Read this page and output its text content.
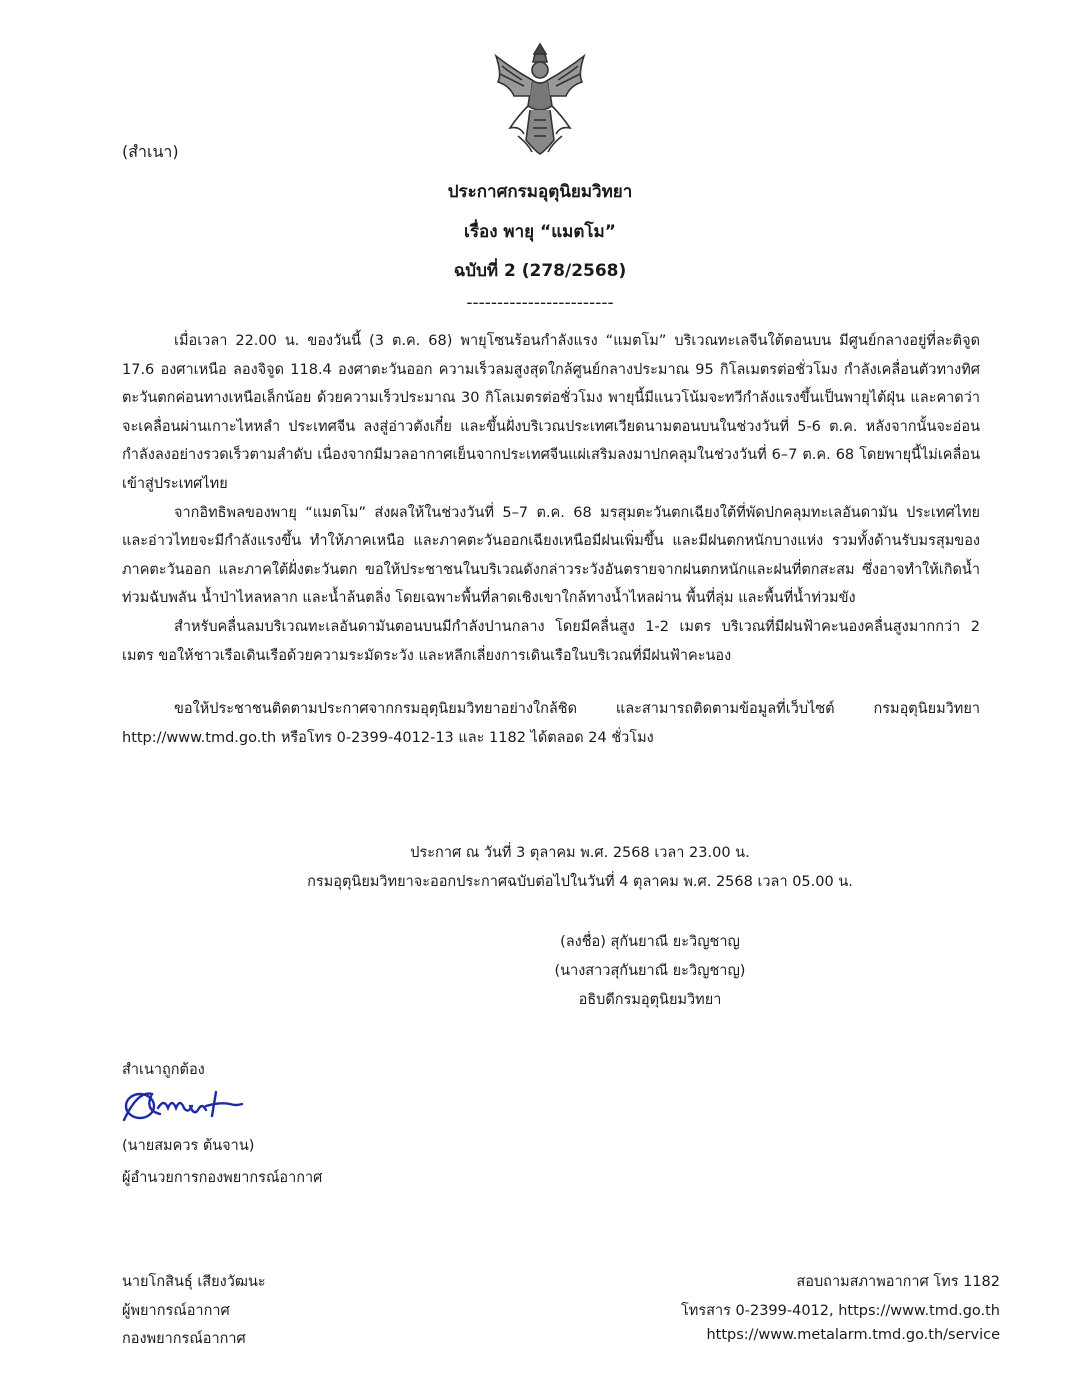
(สำเนา)
ประกาศกรมอุตุนิยมวิทยา
เรื่อง พายุ “แมตโม”
ฉบับที่ 2 (278/2568)
------------------------

เมื่อเวลา 22.00 น. ของวันนี้ (3 ต.ค. 68) พายุโซนร้อนกำลังแรง “แมตโม” บริเวณทะเลจีนใต้ตอนบน มีศูนย์กลางอยู่ที่ละติจูด 17.6 องศาเหนือ ลองจิจูด 118.4 องศาตะวันออก ความเร็วลมสูงสุดใกล้ศูนย์กลางประมาณ 95 กิโลเมตรต่อชั่วโมง กำลังเคลื่อนตัวทางทิศตะวันตกค่อนทางเหนือเล็กน้อย ด้วยความเร็วประมาณ 30 กิโลเมตรต่อชั่วโมง พายุนี้มีแนวโน้มจะทวีกำลังแรงขึ้นเป็นพายุไต้ฝุ่น และคาดว่าจะเคลื่อนผ่านเกาะไหหลำ ประเทศจีน ลงสู่อ่าวตังเกี๋ย และขึ้นฝั่งบริเวณประเทศเวียดนามตอนบนในช่วงวันที่ 5-6 ต.ค. หลังจากนั้นจะอ่อนกำลังลงอย่างรวดเร็วตามลำดับ เนื่องจากมีมวลอากาศเย็นจากประเทศจีนแผ่เสริมลงมาปกคลุมในช่วงวันที่ 6–7 ต.ค. 68 โดยพายุนี้ไม่เคลื่อนเข้าสู่ประเทศไทย

จากอิทธิพลของพายุ “แมตโม” ส่งผลให้ในช่วงวันที่ 5–7 ต.ค. 68 มรสุมตะวันตกเฉียงใต้ที่พัดปกคลุมทะเลอันดามัน ประเทศไทย และอ่าวไทยจะมีกำลังแรงขึ้น ทำให้ภาคเหนือ และภาคตะวันออกเฉียงเหนือมีฝนเพิ่มขึ้น และมีฝนตกหนักบางแห่ง รวมทั้งด้านรับมรสุมของภาคตะวันออก และภาคใต้ฝั่งตะวันตก ขอให้ประชาชนในบริเวณดังกล่าวระวังอันตรายจากฝนตกหนักและฝนที่ตกสะสม ซึ่งอาจทำให้เกิดน้ำท่วมฉับพลัน น้ำป่าไหลหลาก และน้ำล้นตลิ่ง โดยเฉพาะพื้นที่ลาดเชิงเขาใกล้ทางน้ำไหลผ่าน พื้นที่ลุ่ม และพื้นที่น้ำท่วมขัง

สำหรับคลื่นลมบริเวณทะเลอันดามันตอนบนมีกำลังปานกลาง โดยมีคลื่นสูง 1-2 เมตร บริเวณที่มีฝนฟ้าคะนองคลื่นสูงมากกว่า 2 เมตร ขอให้ชาวเรือเดินเรือด้วยความระมัดระวัง และหลีกเลี่ยงการเดินเรือในบริเวณที่มีฝนฟ้าคะนอง

ขอให้ประชาชนติดตามประกาศจากกรมอุตุนิยมวิทยาอย่างใกล้ชิด และสามารถติดตามข้อมูลที่เว็บไซต์ กรมอุตุนิยมวิทยา http://www.tmd.go.th หรือโทร 0-2399-4012-13 และ 1182 ได้ตลอด 24 ชั่วโมง

ประกาศ ณ วันที่ 3 ตุลาคม พ.ศ. 2568 เวลา 23.00 น.
กรมอุตุนิยมวิทยาจะออกประกาศฉบับต่อไปในวันที่ 4 ตุลาคม พ.ศ. 2568 เวลา 05.00 น.
(ลงชื่อ) สุกันยาณี ยะวิญชาญ
(นางสาวสุกันยาณี ยะวิญชาญ)
อธิบดีกรมอุตุนิยมวิทยา
สำเนาถูกต้อง
(นายสมควร ต้นจาน)
ผู้อำนวยการกองพยากรณ์อากาศ
นายโกสินธุ์ เสียงวัฒนะ
ผู้พยากรณ์อากาศ
กองพยากรณ์อากาศ
สอบถามสภาพอากาศ โทร 1182
โทรสาร 0-2399-4012, https://www.tmd.go.th
https://www.metalarm.tmd.go.th/service
